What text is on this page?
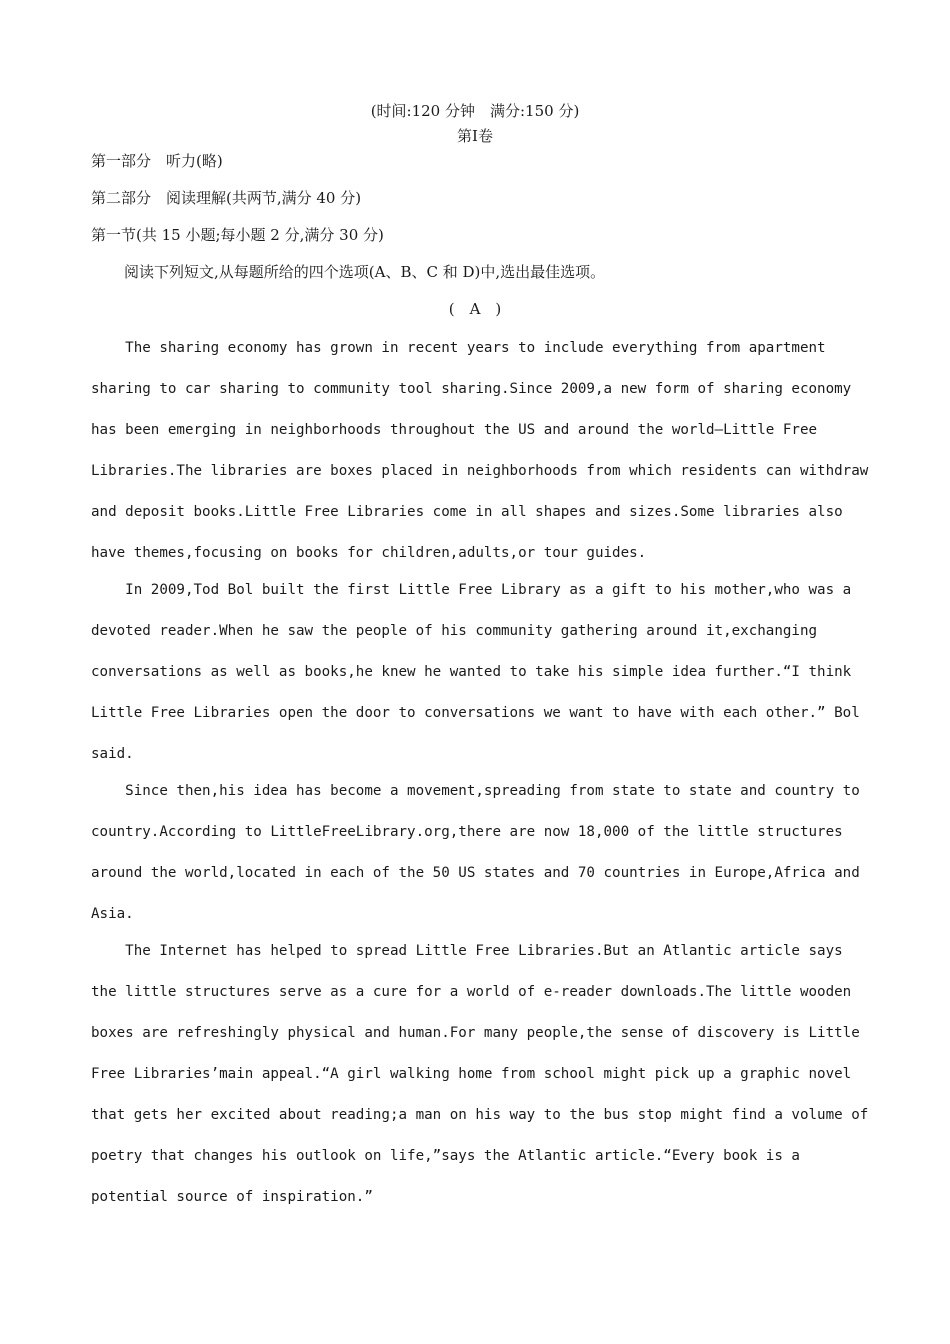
(时间:120 分钟　满分:150 分)
第Ⅰ卷
第一部分　听力(略)
第二部分　阅读理解(共两节,满分 40 分)
第一节(共 15 小题;每小题 2 分,满分 30 分)
阅读下列短文,从每题所给的四个选项(A、B、C 和 D)中,选出最佳选项。
(　A　)
The sharing economy has grown in recent years to include everything from apartment
sharing to car sharing to community tool sharing.Since 2009,a new form of sharing economy
has been emerging in neighborhoods throughout the US and around the world—Little Free
Libraries.The libraries are boxes placed in neighborhoods from which residents can withdraw
and deposit books.Little Free Libraries come in all shapes and sizes.Some libraries also
have themes,focusing on books for children,adults,or tour guides.
In 2009,Tod Bol built the first Little Free Library as a gift to his mother,who was a
devoted reader.When he saw the people of his community gathering around it,exchanging
conversations as well as books,he knew he wanted to take his simple idea further.“I think
Little Free Libraries open the door to conversations we want to have with each other.” Bol
said.
Since then,his idea has become a movement,spreading from state to state and country to
country.According to LittleFreeLibrary.org,there are now 18,000 of the little structures
around the world,located in each of the 50 US states and 70 countries in Europe,Africa and
Asia.
The Internet has helped to spread Little Free Libraries.But an Atlantic article says
the little structures serve as a cure for a world of e-reader downloads.The little wooden
boxes are refreshingly physical and human.For many people,the sense of discovery is Little
Free Libraries’main appeal.“A girl walking home from school might pick up a graphic novel
that gets her excited about reading;a man on his way to the bus stop might find a volume of
poetry that changes his outlook on life,”says the Atlantic article.“Every book is a
potential source of inspiration.”
